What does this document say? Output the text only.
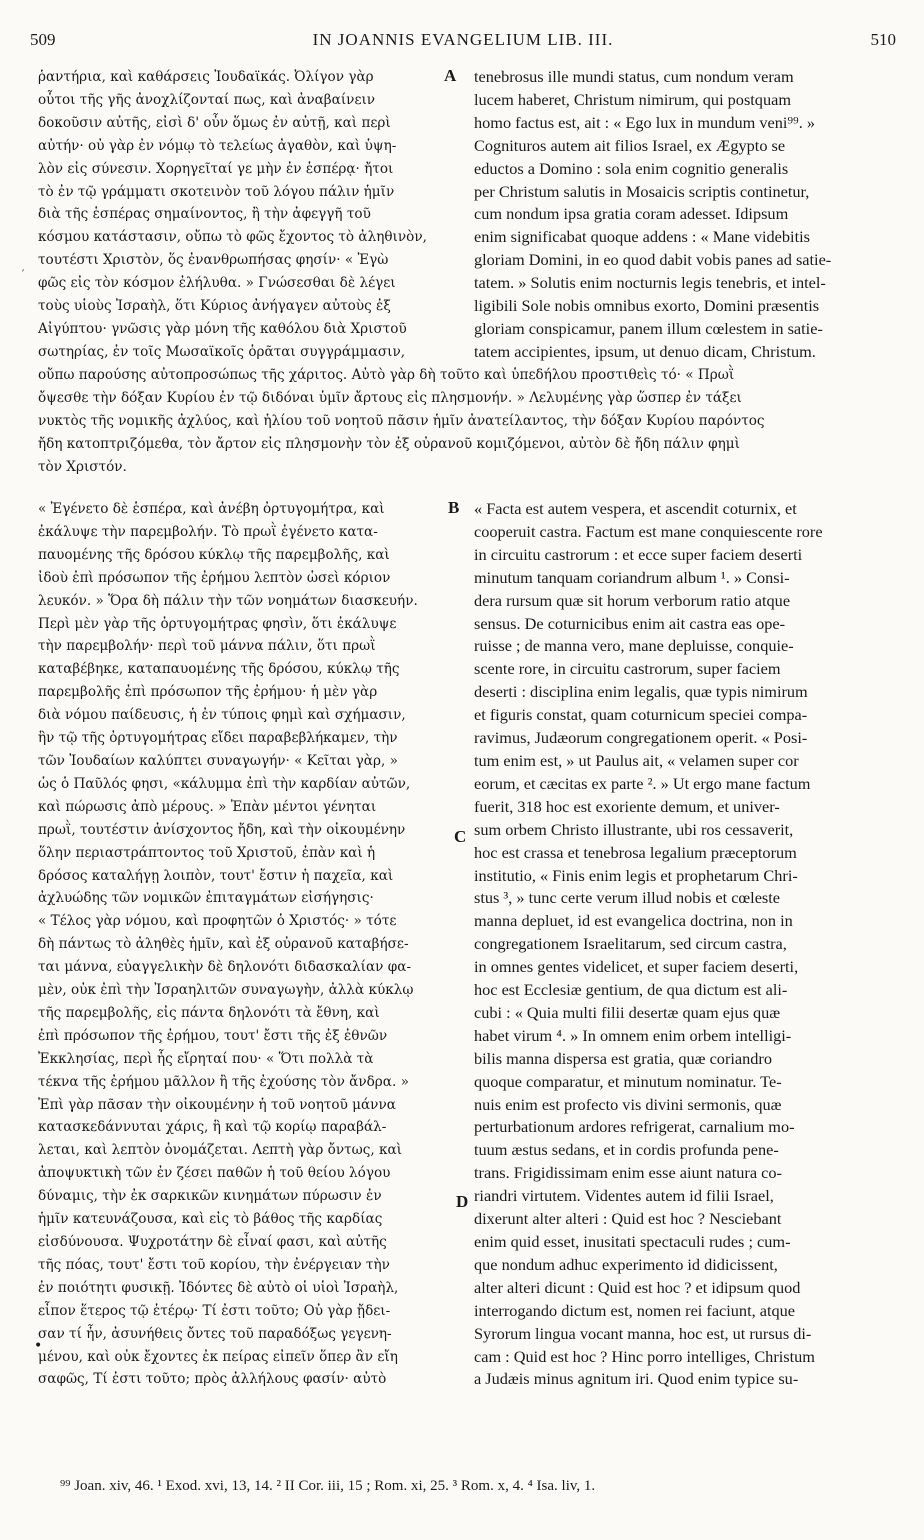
509	IN JOANNIS EVANGELIUM LIB. III.	510
ˊ
•
A
B
C
D
ῥαντήρια, καὶ καθάρσεις Ἰουδαϊκάς. Ὀλίγον γὰρ
οὗτοι τῆς γῆς ἀνοχλίζονταί πως, καὶ ἀναβαίνειν
δοκοῦσιν αὐτῆς, εἰσὶ δ' οὖν ὅμως ἐν αὐτῇ, καὶ περὶ
αὐτήν· οὐ γὰρ ἐν νόμῳ τὸ τελείως ἀγαθὸν, καὶ ὑψη-
λὸν εἰς σύνεσιν. Χορηγεῖταί γε μὴν ἐν ἑσπέρᾳ· ἤτοι
τὸ ἐν τῷ γράμματι σκοτεινὸν τοῦ λόγου πάλιν ἡμῖν
διὰ τῆς ἑσπέρας σημαίνοντος, ἢ τὴν ἀφεγγῆ τοῦ
κόσμου κατάστασιν, οὔπω τὸ φῶς ἔχοντος τὸ ἀληθινὸν,
τουτέστι Χριστὸν, ὅς ἐνανθρωπήσας φησίν· « Ἐγὼ
φῶς εἰς τὸν κόσμον ἐλήλυθα. » Γνώσεσθαι δὲ λέγει
τοὺς υἱοὺς Ἰσραὴλ, ὅτι Κύριος ἀνήγαγεν αὐτοὺς ἐξ
Αἰγύπτου· γνῶσις γὰρ μόνη τῆς καθόλου διὰ Χριστοῦ
σωτηρίας, ἐν τοῖς Μωσαϊκοῖς ὁρᾶται συγγράμμασιν,
tenebrosus ille mundi status, cum nondum veram
lucem haberet, Christum nimirum, qui postquam
homo factus est, ait : « Ego lux in mundum veni⁹⁹. »
Cognituros autem ait filios Israel, ex Ægypto se
eductos a Domino : sola enim cognitio generalis
per Christum salutis in Mosaicis scriptis continetur,
cum nondum ipsa gratia coram adesset. Idipsum
enim significabat quoque addens : « Mane videbitis
gloriam Domini, in eo quod dabit vobis panes ad satie-
tatem. » Solutis enim nocturnis legis tenebris, et intel-
ligibili Sole nobis omnibus exorto, Domini præsentis
gloriam conspicamur, panem illum cœlestem in satie-
tatem accipientes, ipsum, ut denuo dicam, Christum.
οὔπω παρούσης αὐτοπροσώπως τῆς χάριτος. Αὐτὸ γὰρ δὴ τοῦτο καὶ ὑπεδήλου προστιθεὶς τό· « Πρωῒ
ὄψεσθε τὴν δόξαν Κυρίου ἐν τῷ διδόναι ὑμῖν ἄρτους εἰς πλησμονήν. » Λελυμένης γὰρ ὥσπερ ἐν τάξει
νυκτὸς τῆς νομικῆς ἀχλύος, καὶ ἡλίου τοῦ νοητοῦ πᾶσιν ἡμῖν ἀνατείλαντος, τὴν δόξαν Κυρίου παρόντος
ἤδη κατοπτριζόμεθα, τὸν ἄρτον εἰς πλησμονὴν τὸν ἐξ οὐρανοῦ κομιζόμενοι, αὐτὸν δὲ ἤδη πάλιν φημὶ
τὸν Χριστόν.
« Ἐγένετο δὲ ἑσπέρα, καὶ ἀνέβη ὀρτυγομήτρα, καὶ
ἐκάλυψε τὴν παρεμβολήν. Τὸ πρωῒ ἐγένετο κατα-
παυομένης τῆς δρόσου κύκλῳ τῆς παρεμβολῆς, καὶ
ἰδοὺ ἐπὶ πρόσωπον τῆς ἐρήμου λεπτὸν ὡσεὶ κόριον
λευκόν. » Ὅρα δὴ πάλιν τὴν τῶν νοημάτων διασκευήν.
Περὶ μὲν γὰρ τῆς ὀρτυγομήτρας φησὶν, ὅτι ἐκάλυψε
τὴν παρεμβολήν· περὶ τοῦ μάννα πάλιν, ὅτι πρωῒ
καταβέβηκε, καταπαυομένης τῆς δρόσου, κύκλῳ τῆς
παρεμβολῆς ἐπὶ πρόσωπον τῆς ἐρήμου· ἡ μὲν γὰρ
διὰ νόμου παίδευσις, ἡ ἐν τύποις φημὶ καὶ σχήμασιν,
ἣν τῷ τῆς ὀρτυγομήτρας εἴδει παραβεβλήκαμεν, τὴν
τῶν Ἰουδαίων καλύπτει συναγωγήν· « Κεῖται γὰρ, »
ὡς ὁ Παῦλός φησι, «κάλυμμα ἐπὶ τὴν καρδίαν αὐτῶν,
καὶ πώρωσις ἀπὸ μέρους. » Ἐπὰν μέντοι γένηται
πρωῒ, τουτέστιν ἀνίσχοντος ἤδη, καὶ τὴν οἰκουμένην
ὅλην περιαστράπτοντος τοῦ Χριστοῦ, ἐπὰν καὶ ἡ
δρόσος καταλήγῃ λοιπὸν, τουτ' ἔστιν ἡ παχεῖα, καὶ
ἀχλυώδης τῶν νομικῶν ἐπιταγμάτων εἰσήγησις·
« Τέλος γὰρ νόμου, καὶ προφητῶν ὁ Χριστός· » τότε
δὴ πάντως τὸ ἀληθὲς ἡμῖν, καὶ ἐξ οὐρανοῦ καταβήσε-
ται μάννα, εὐαγγελικὴν δὲ δηλονότι διδασκαλίαν φα-
μὲν, οὐκ ἐπὶ τὴν Ἰσραηλιτῶν συναγωγὴν, ἀλλὰ κύκλῳ
τῆς παρεμβολῆς, εἰς πάντα δηλονότι τὰ ἔθνη, καὶ
ἐπὶ πρόσωπον τῆς ἐρήμου, τουτ' ἔστι τῆς ἐξ ἐθνῶν
Ἐκκλησίας, περὶ ἧς εἴρηταί που· « Ὅτι πολλὰ τὰ
τέκνα τῆς ἐρήμου μᾶλλον ἢ τῆς ἐχούσης τὸν ἄνδρα. »
Ἐπὶ γὰρ πᾶσαν τὴν οἰκουμένην ἡ τοῦ νοητοῦ μάννα
κατασκεδάννυται χάρις, ἣ καὶ τῷ κορίῳ παραβάλ-
λεται, καὶ λεπτὸν ὀνομάζεται. Λεπτὴ γὰρ ὄντως, καὶ
ἀποψυκτικὴ τῶν ἐν ζέσει παθῶν ἡ τοῦ θείου λόγου
δύναμις, τὴν ἐκ σαρκικῶν κινημάτων πύρωσιν ἐν
ἡμῖν κατευνάζουσα, καὶ εἰς τὸ βάθος τῆς καρδίας
εἰσδύνουσα. Ψυχροτάτην δὲ εἶναί φασι, καὶ αὐτῆς
τῆς πόας, τουτ' ἔστι τοῦ κορίου, τὴν ἐνέργειαν τὴν
ἐν ποιότητι φυσικῇ. Ἰδόντες δὲ αὐτὸ οἱ υἱοὶ Ἰσραὴλ,
εἶπον ἕτερος τῷ ἑτέρῳ· Τί ἐστι τοῦτο; Οὐ γὰρ ᾔδει-
σαν τί ἦν, ἀσυνήθεις ὄντες τοῦ παραδόξως γεγενη-
μένου, καὶ οὐκ ἔχοντες ἐκ πείρας εἰπεῖν ὅπερ ἂν εἴη
σαφῶς, Τί ἐστι τοῦτο; πρὸς ἀλλήλους φασίν· αὐτὸ
« Facta est autem vespera, et ascendit coturnix, et
cooperuit castra. Factum est mane conquiescente rore
in circuitu castrorum : et ecce super faciem deserti
minutum tanquam coriandrum album ¹. » Consi-
dera rursum quæ sit horum verborum ratio atque
sensus. De coturnicibus enim ait castra eas ope-
ruisse ; de manna vero, mane depluisse, conquie-
scente rore, in circuitu castrorum, super faciem
deserti : disciplina enim legalis, quæ typis nimirum
et figuris constat, quam coturnicum speciei compa-
ravimus, Judæorum congregationem operit. « Posi-
tum enim est, » ut Paulus ait, « velamen super cor
eorum, et cæcitas ex parte ². » Ut ergo mane factum
fuerit, 318 hoc est exoriente demum, et univer-
sum orbem Christo illustrante, ubi ros cessaverit,
hoc est crassa et tenebrosa legalium præceptorum
institutio, « Finis enim legis et prophetarum Chri-
stus ³, » tunc certe verum illud nobis et cœleste
manna depluet, id est evangelica doctrina, non in
congregationem Israelitarum, sed circum castra,
in omnes gentes videlicet, et super faciem deserti,
hoc est Ecclesiæ gentium, de qua dictum est ali-
cubi : « Quia multi filii desertæ quam ejus quæ
habet virum ⁴. » In omnem enim orbem intelligi-
bilis manna dispersa est gratia, quæ coriandro
quoque comparatur, et minutum nominatur. Te-
nuis enim est profecto vis divini sermonis, quæ
perturbationum ardores refrigerat, carnalium mo-
tuum æstus sedans, et in cordis profunda pene-
trans. Frigidissimam enim esse aiunt natura co-
riandri virtutem. Videntes autem id filii Israel,
dixerunt alter alteri : Quid est hoc ? Nesciebant
enim quid esset, inusitati spectaculi rudes ; cum-
que nondum adhuc experimento id didicissent,
alter alteri dicunt : Quid est hoc ? et idipsum quod
interrogando dictum est, nomen rei faciunt, atque
Syrorum lingua vocant manna, hoc est, ut rursus di-
cam : Quid est hoc ? Hinc porro intelliges, Christum
a Judæis minus agnitum iri. Quod enim typice su-
⁹⁹ Joan. xiv, 46. ¹ Exod. xvi, 13, 14. ² II Cor. iii, 15 ; Rom. xi, 25. ³ Rom. x, 4. ⁴ Isa. liv, 1.
